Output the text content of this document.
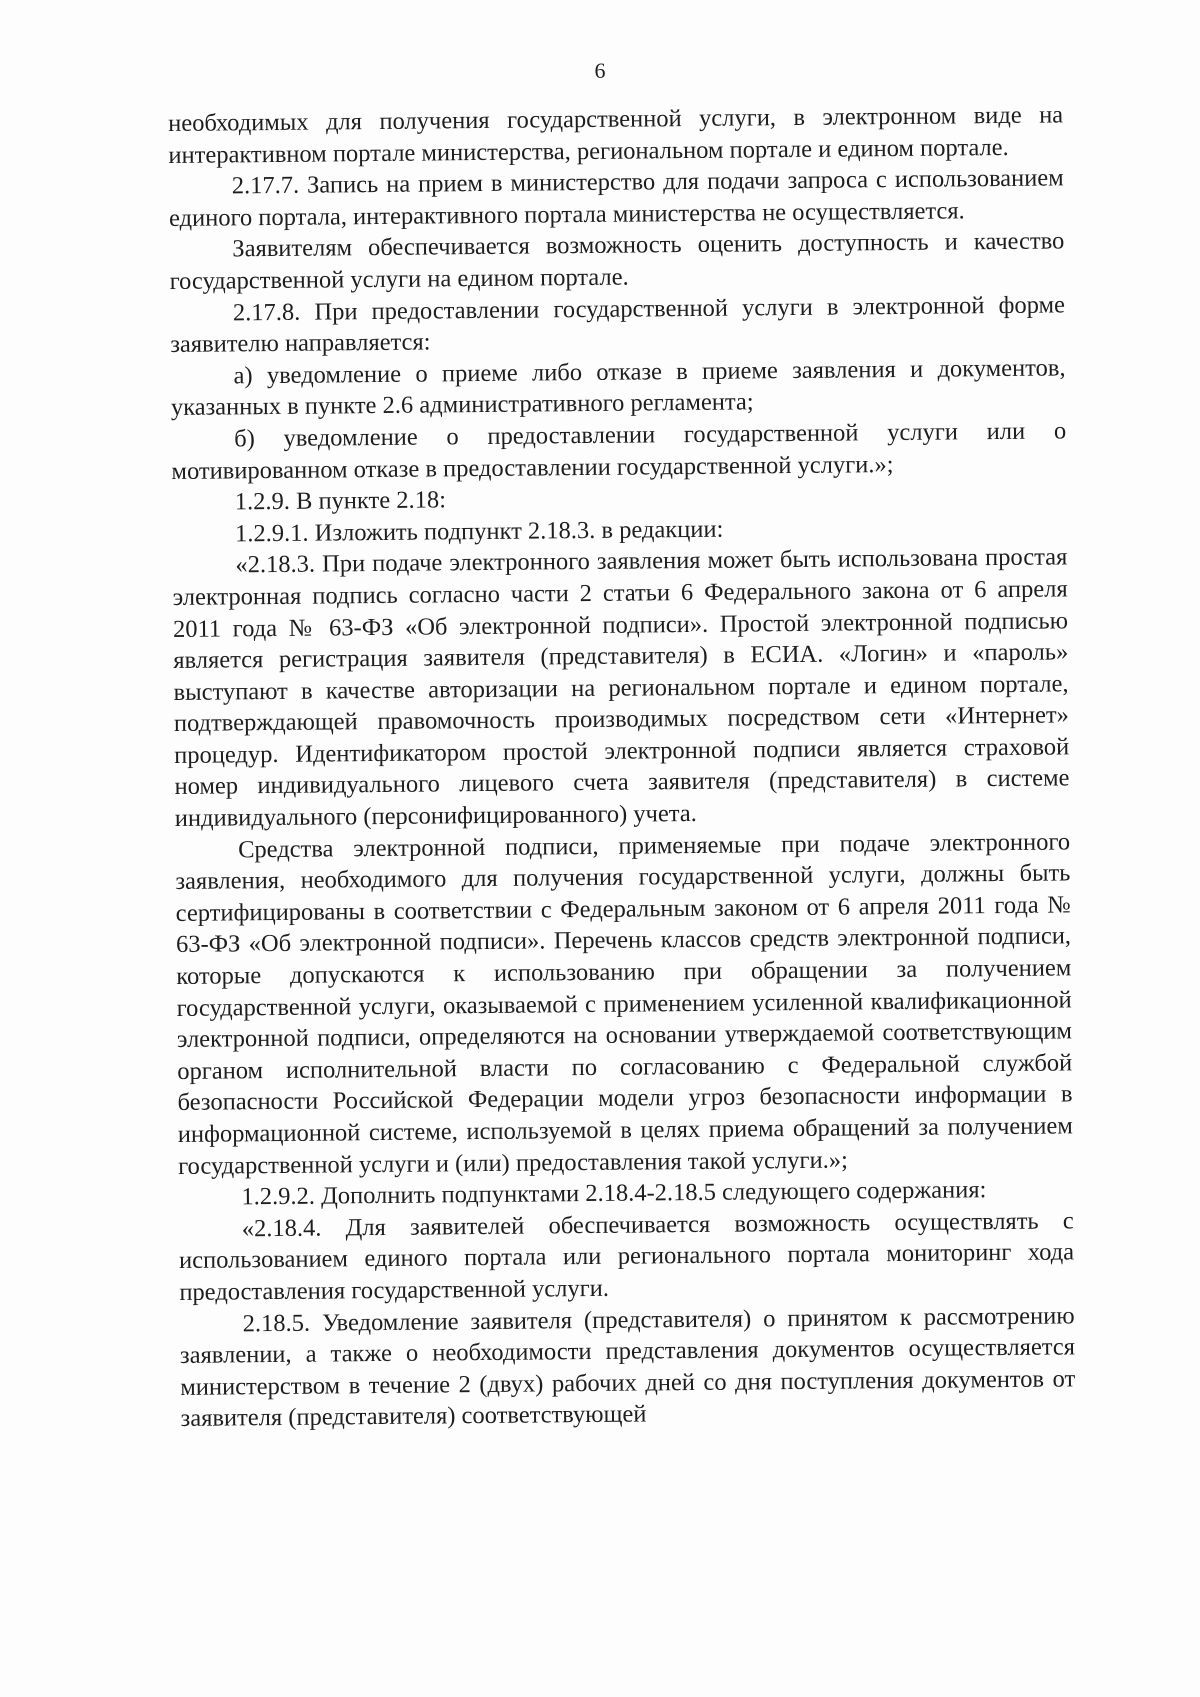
6

необходимых для получения государственной услуги, в электронном виде на интерактивном портале министерства, региональном портале и едином портале.

2.17.7. Запись на прием в министерство для подачи запроса с использованием единого портала, интерактивного портала министерства не осуществляется.

Заявителям обеспечивается возможность оценить доступность и качество государственной услуги на едином портале.

2.17.8. При предоставлении государственной услуги в электронной форме заявителю направляется:

а) уведомление о приеме либо отказе в приеме заявления и документов, указанных в пункте 2.6 административного регламента;

б) уведомление о предоставлении государственной услуги или о мотивированном отказе в предоставлении государственной услуги.»;

1.2.9. В пункте 2.18:

1.2.9.1. Изложить подпункт 2.18.3. в редакции:

«2.18.3. При подаче электронного заявления может быть использована простая электронная подпись согласно части 2 статьи 6 Федерального закона от 6 апреля 2011 года № 63-ФЗ «Об электронной подписи». Простой электронной подписью является регистрация заявителя (представителя) в ЕСИА. «Логин» и «пароль» выступают в качестве авторизации на региональном портале и едином портале, подтверждающей правомочность производимых посредством сети «Интернет» процедур. Идентификатором простой электронной подписи является страховой номер индивидуального лицевого счета заявителя (представителя) в системе индивидуального (персонифицированного) учета.

Средства электронной подписи, применяемые при подаче электронного заявления, необходимого для получения государственной услуги, должны быть сертифицированы в соответствии с Федеральным законом от 6 апреля 2011 года № 63-ФЗ «Об электронной подписи». Перечень классов средств электронной подписи, которые допускаются к использованию при обращении за получением государственной услуги, оказываемой с применением усиленной квалификационной электронной подписи, определяются на основании утверждаемой соответствующим органом исполнительной власти по согласованию с Федеральной службой безопасности Российской Федерации модели угроз безопасности информации в информационной системе, используемой в целях приема обращений за получением государственной услуги и (или) предоставления такой услуги.»;

1.2.9.2. Дополнить подпунктами 2.18.4-2.18.5 следующего содержания:

«2.18.4. Для заявителей обеспечивается возможность осуществлять с использованием единого портала или регионального портала мониторинг хода предоставления государственной услуги.

2.18.5. Уведомление заявителя (представителя) о принятом к рассмотрению заявлении, а также о необходимости представления документов осуществляется министерством в течение 2 (двух) рабочих дней со дня поступления документов от заявителя (представителя) соответствующей
